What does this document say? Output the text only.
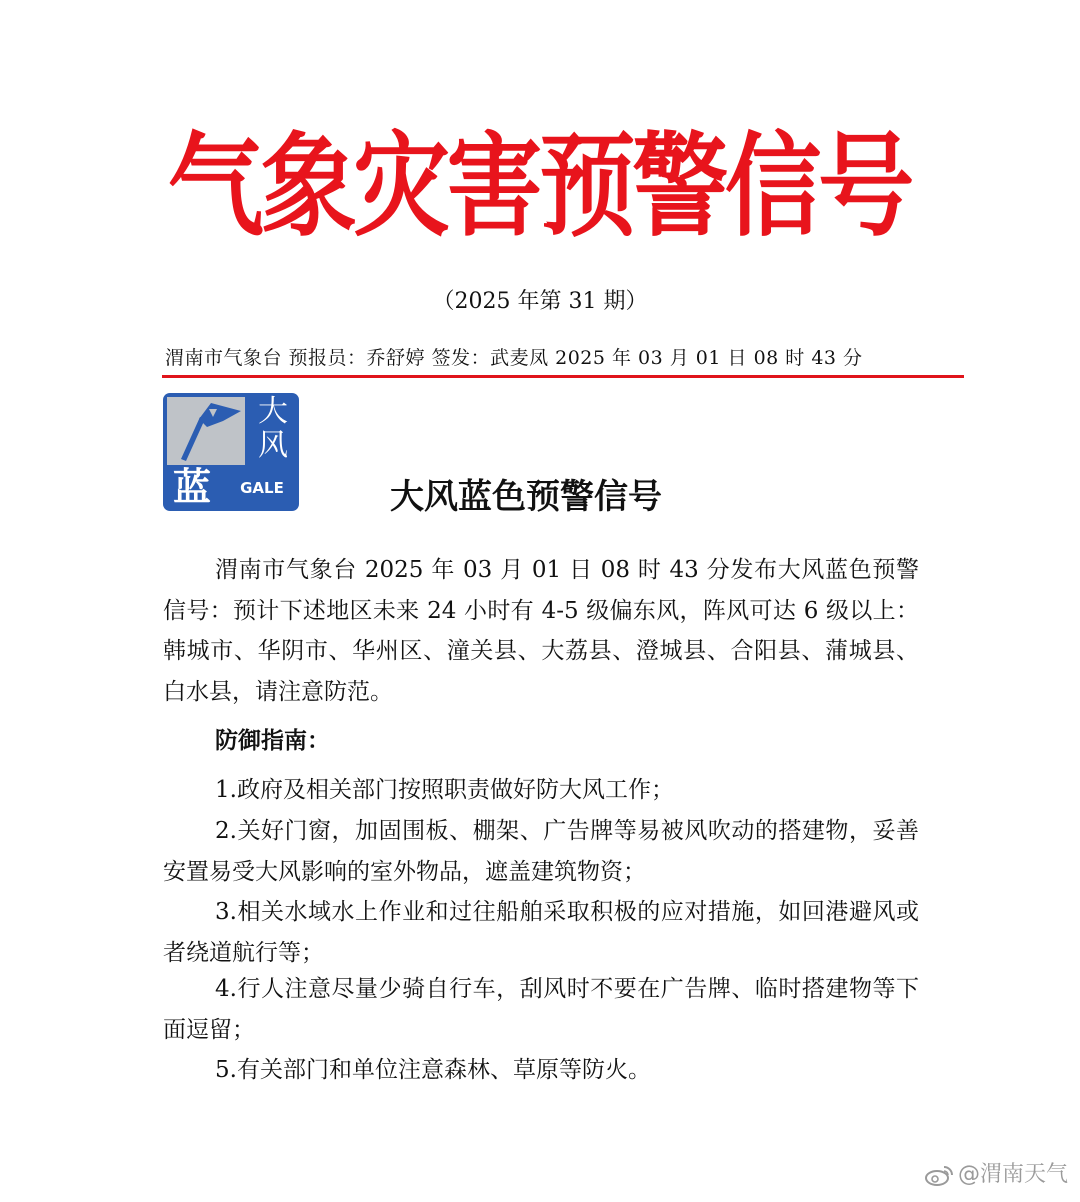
气象灾害预警信号
（2025 年第 31 期）
渭南市气象台 预报员：乔舒婷 签发：武麦凤 2025 年 03 月 01 日 08 时 43 分
大
风
蓝	GALE	大风蓝色预警信号

渭南市气象台 2025 年 03 月 01 日 08 时 43 分发布大风蓝色预警信号：预计下述地区未来 24 小时有 4-5 级偏东风，阵风可达 6 级以上：韩城市、华阴市、华州区、潼关县、大荔县、澄城县、合阳县、蒲城县、白水县，请注意防范。

防御指南：

1.政府及相关部门按照职责做好防大风工作；

2.关好门窗，加固围板、棚架、广告牌等易被风吹动的搭建物，妥善安置易受大风影响的室外物品，遮盖建筑物资；

3.相关水域水上作业和过往船舶采取积极的应对措施，如回港避风或者绕道航行等；

4.行人注意尽量少骑自行车，刮风时不要在广告牌、临时搭建物等下面逗留；

5.有关部门和单位注意森林、草原等防火。

@渭南天气
